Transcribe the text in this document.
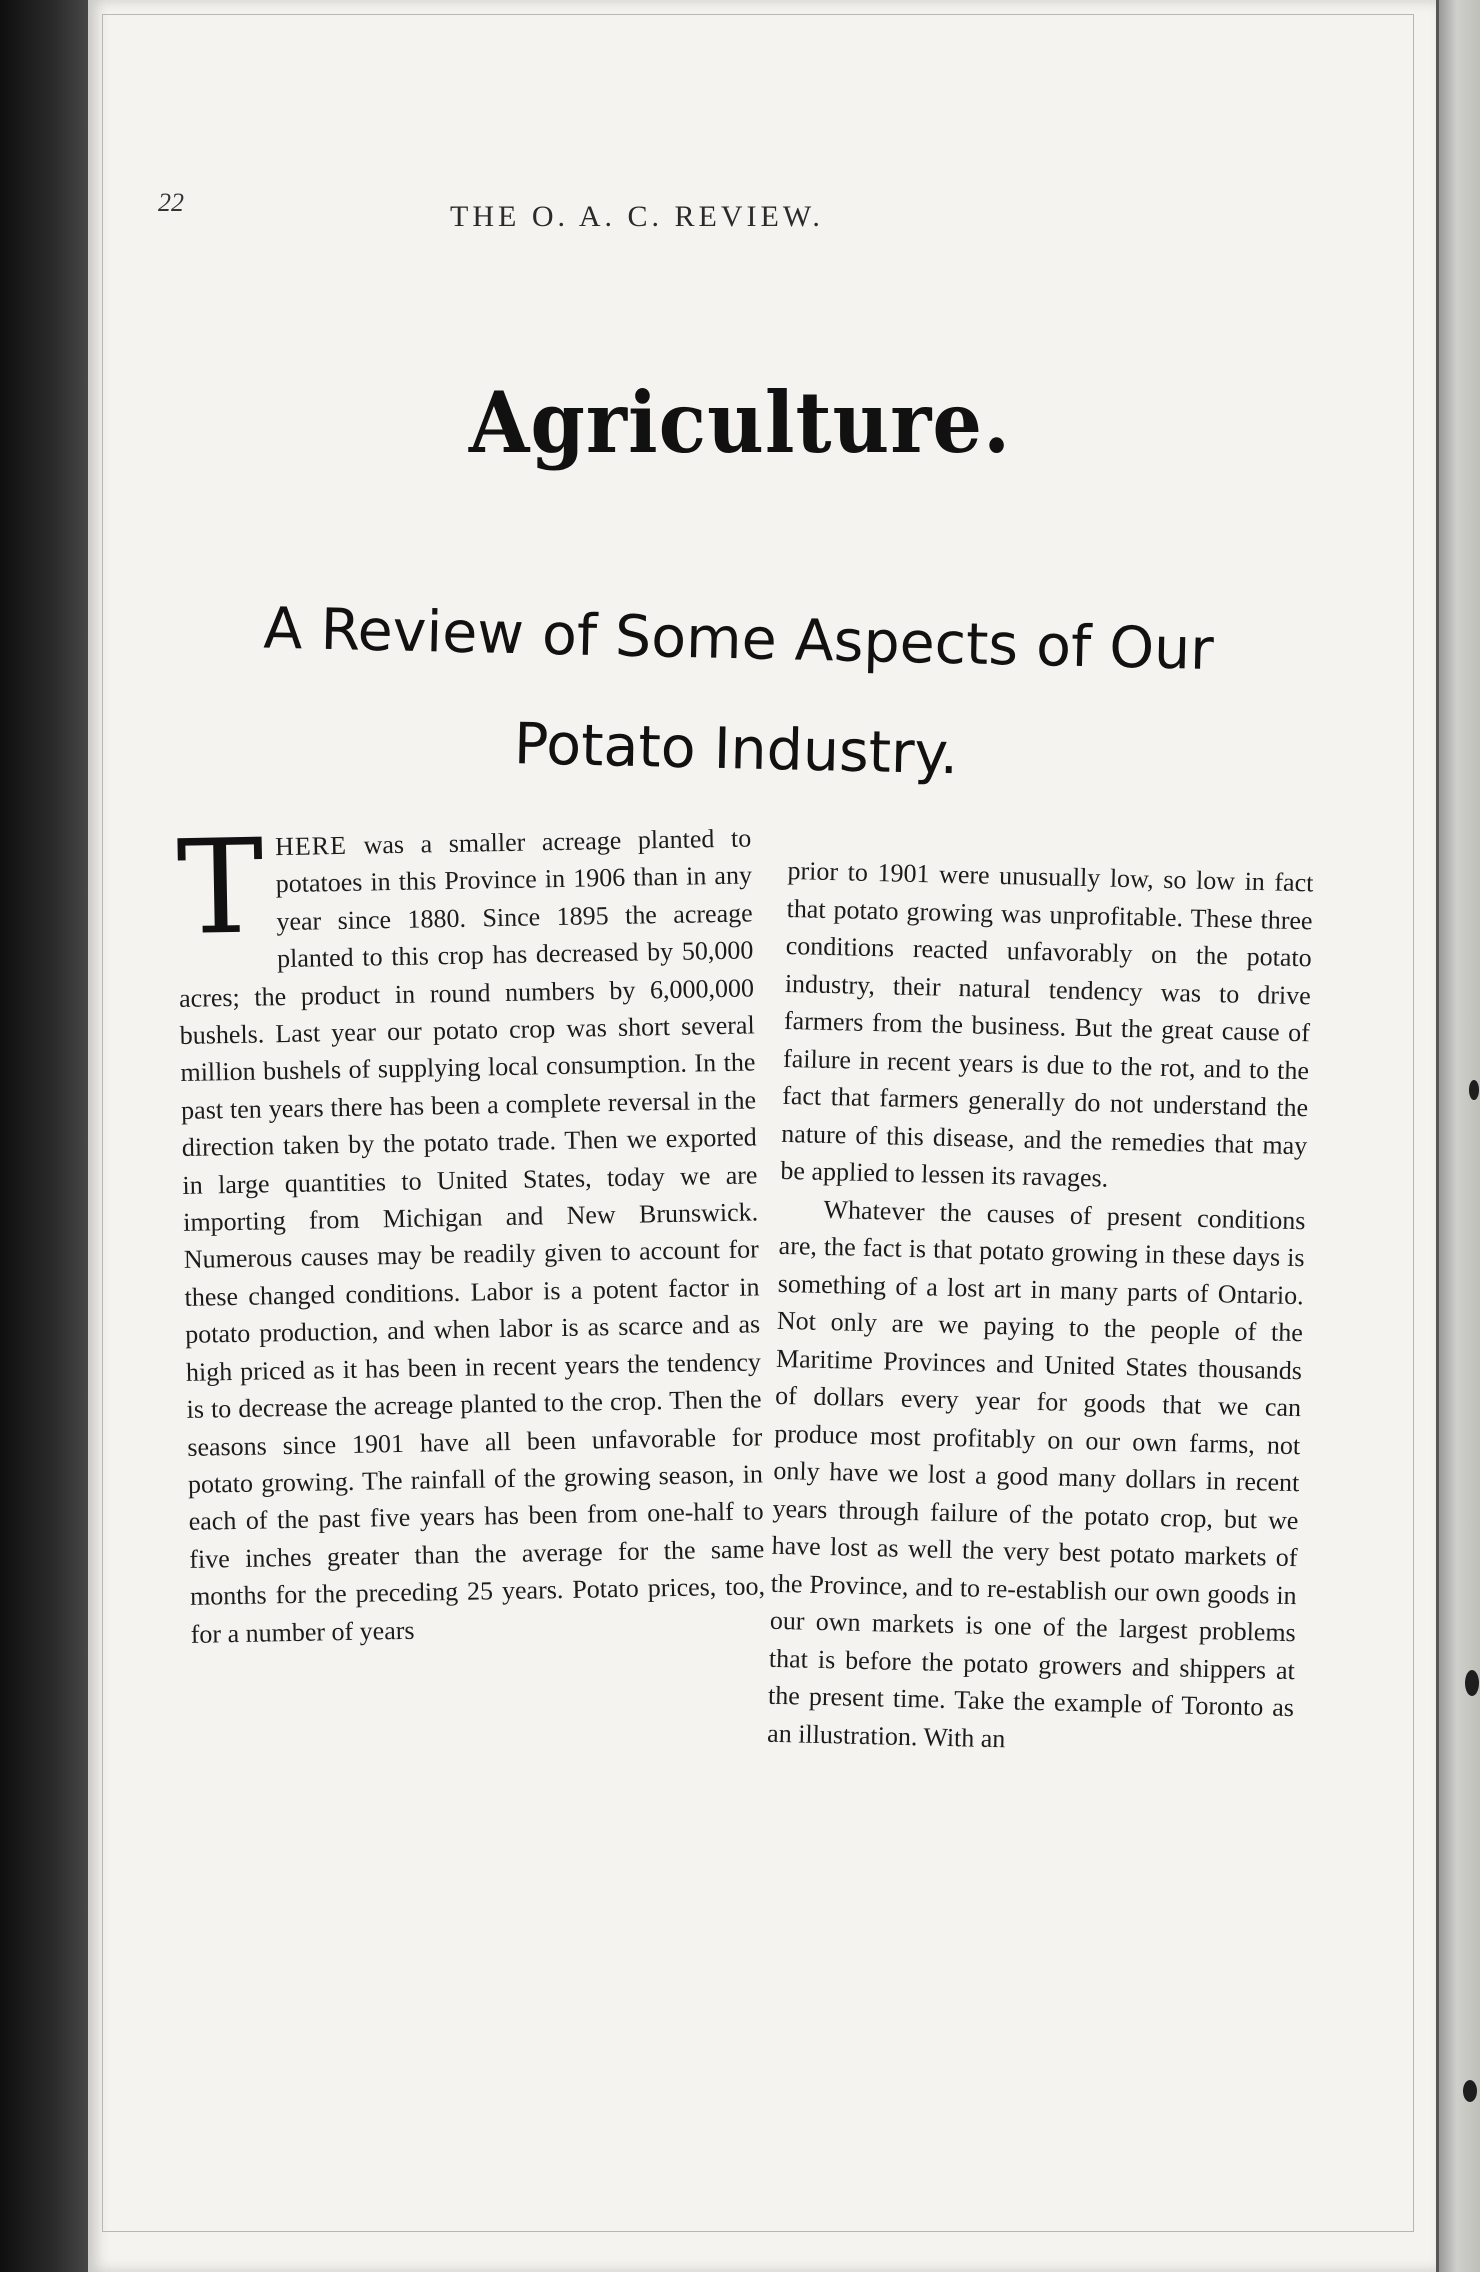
22	THE O. A. C. REVIEW.
Agriculture.
A Review of Some Aspects of Our
Potato Industry.

THERE was a smaller acreage planted to potatoes in this Province in 1906 than in any year since 1880. Since 1895 the acreage planted to this crop has decreased by 50,000 acres; the product in round numbers by 6,000,000 bushels. Last year our potato crop was short several million bushels of supplying local consumption. In the past ten years there has been a complete reversal in the direction taken by the potato trade. Then we exported in large quantities to United States, today we are importing from Michigan and New Brunswick. Numerous causes may be readily given to account for these changed conditions. Labor is a potent factor in potato production, and when labor is as scarce and as high priced as it has been in recent years the tendency is to decrease the acreage planted to the crop. Then the seasons since 1901 have all been unfavorable for potato growing. The rainfall of the growing season, in each of the past five years has been from one-half to five inches greater than the average for the same months for the preceding 25 years. Potato prices, too, for a number of years

prior to 1901 were unusually low, so low in fact that potato growing was unprofitable. These three conditions reacted unfavorably on the potato industry, their natural tendency was to drive farmers from the business. But the great cause of failure in recent years is due to the rot, and to the fact that farmers generally do not understand the nature of this disease, and the remedies that may be applied to lessen its ravages.

Whatever the causes of present conditions are, the fact is that potato growing in these days is something of a lost art in many parts of Ontario. Not only are we paying to the people of the Maritime Provinces and United States thousands of dollars every year for goods that we can produce most profitably on our own farms, not only have we lost a good many dollars in recent years through failure of the potato crop, but we have lost as well the very best potato markets of the Province, and to re-establish our own goods in our own markets is one of the largest problems that is before the potato growers and shippers at the present time. Take the example of Toronto as an illustration. With an
